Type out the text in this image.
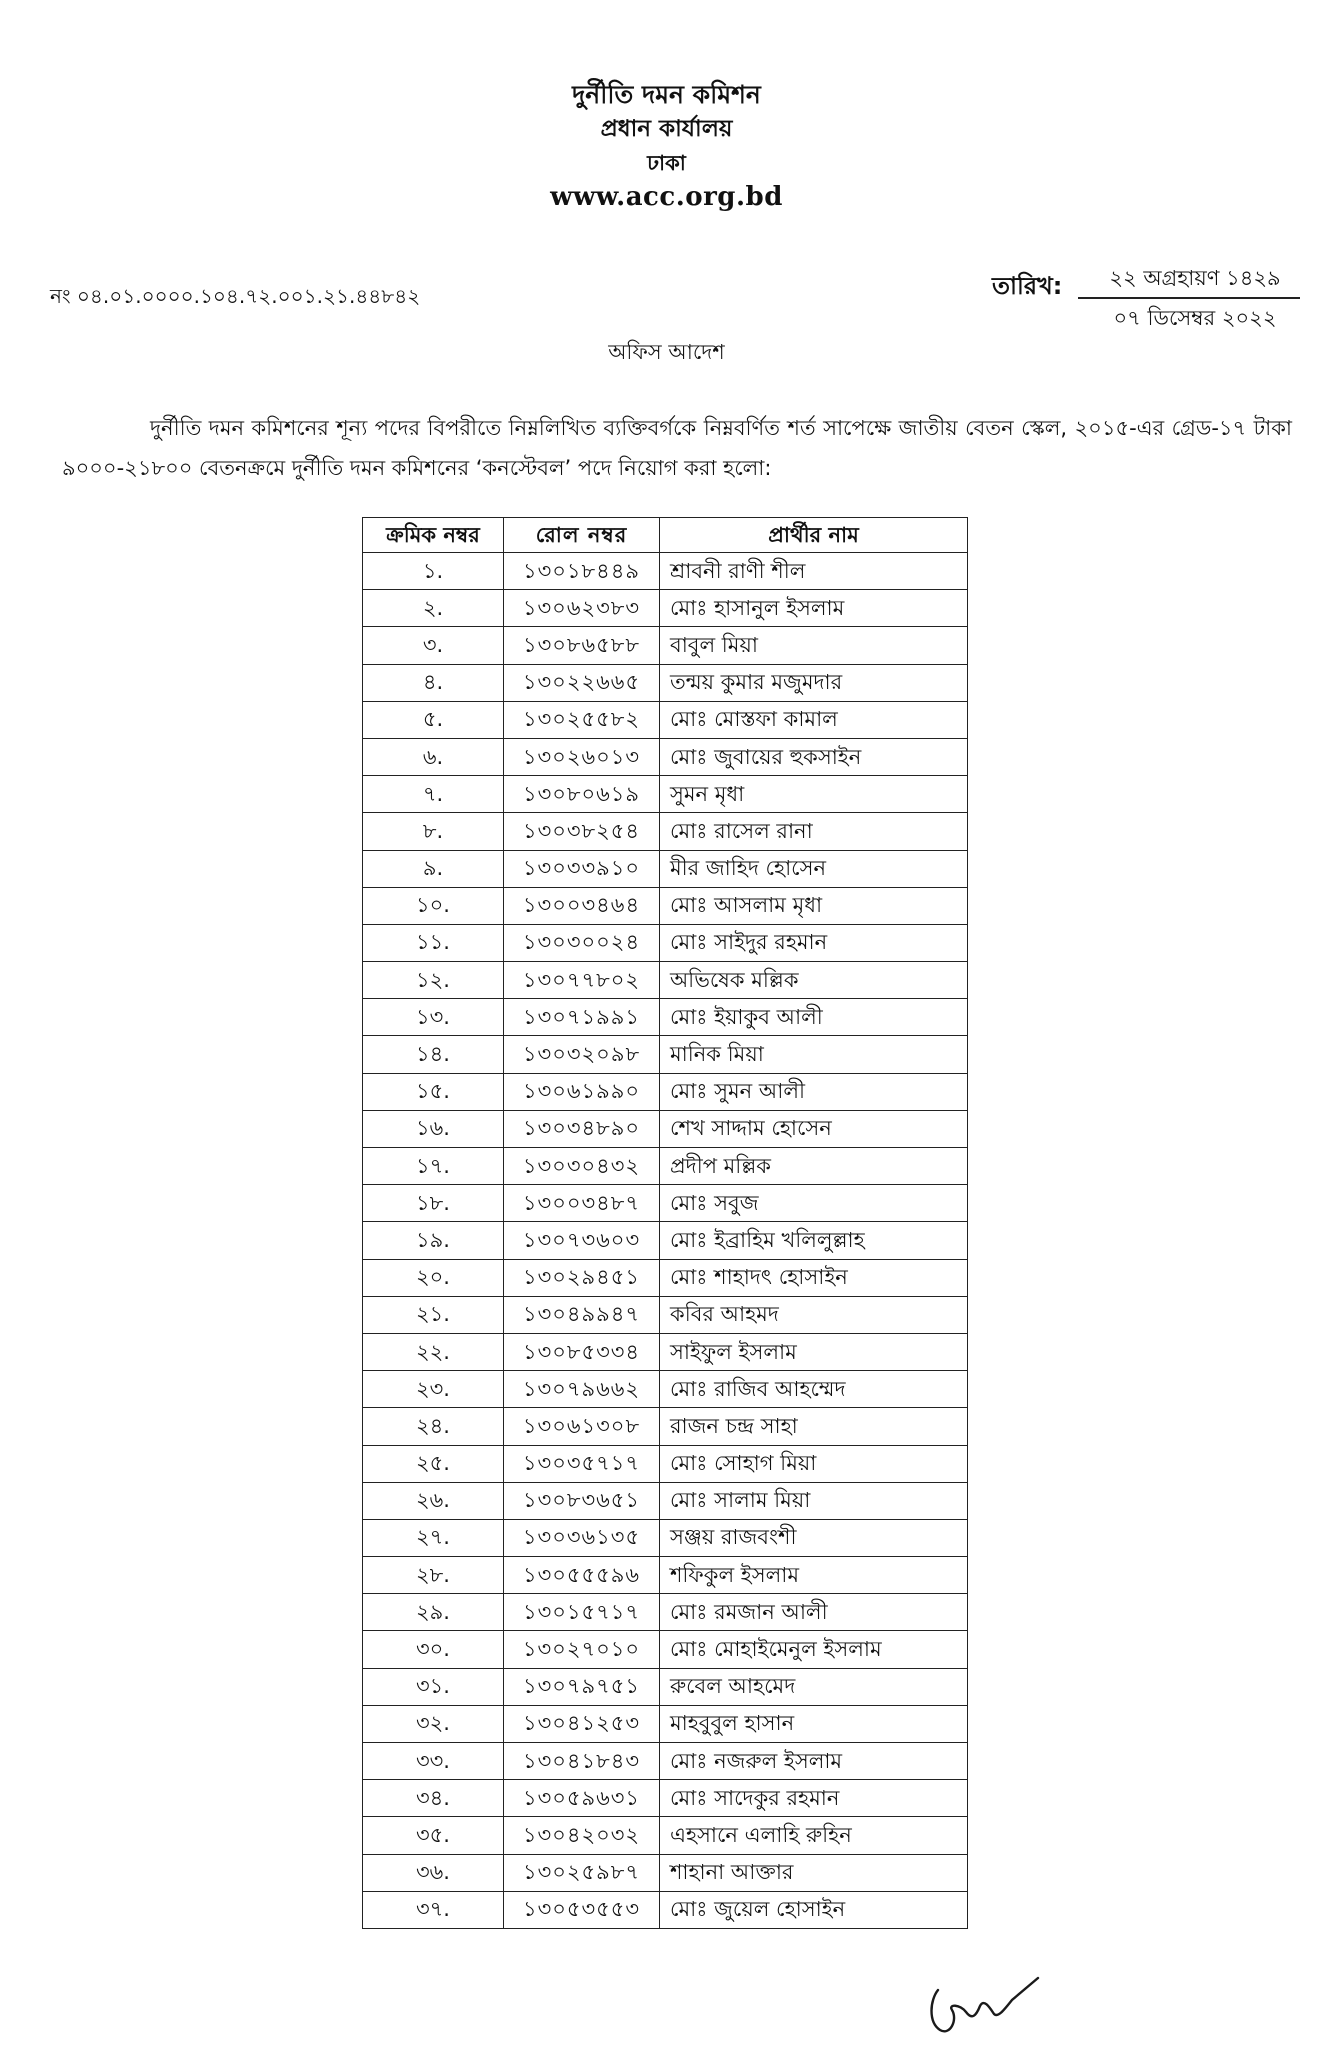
দুর্নীতি দমন কমিশন
প্রধান কার্যালয়
ঢাকা
www.acc.org.bd
নং ০৪.০১.০০০০.১০৪.৭২.০০১.২১.৪৪৮৪২	তারিখ:	২২ অগ্রহায়ণ ১৪২৯
০৭ ডিসেম্বর ২০২২
অফিস আদেশ
দুর্নীতি দমন কমিশনের শূন্য পদের বিপরীতে নিম্নলিখিত ব্যক্তিবর্গকে নিম্নবর্ণিত শর্ত সাপেক্ষে জাতীয় বেতন স্কেল, ২০১৫-এর গ্রেড-১৭ টাকা ৯০০০-২১৮০০ বেতনক্রমে দুর্নীতি দমন কমিশনের ‘কনস্টেবল’ পদে নিয়োগ করা হলো:
ক্রমিক নম্বর	রোল নম্বর	প্রার্থীর নাম
১.	১৩০১৮৪৪৯	শ্রাবনী রাণী শীল
২.	১৩০৬২৩৮৩	মোঃ হাসানুল ইসলাম
৩.	১৩০৮৬৫৮৮	বাবুল মিয়া
৪.	১৩০২২৬৬৫	তন্ময় কুমার মজুমদার
৫.	১৩০২৫৫৮২	মোঃ মোস্তফা কামাল
৬.	১৩০২৬০১৩	মোঃ জুবায়ের হুকসাইন
৭.	১৩০৮০৬১৯	সুমন মৃধা
৮.	১৩০৩৮২৫৪	মোঃ রাসেল রানা
৯.	১৩০৩৩৯১০	মীর জাহিদ হোসেন
১০.	১৩০০৩৪৬৪	মোঃ আসলাম মৃধা
১১.	১৩০৩০০২৪	মোঃ সাইদুর রহমান
১২.	১৩০৭৭৮০২	অভিষেক মল্লিক
১৩.	১৩০৭১৯৯১	মোঃ ইয়াকুব আলী
১৪.	১৩০৩২০৯৮	মানিক মিয়া
১৫.	১৩০৬১৯৯০	মোঃ সুমন আলী
১৬.	১৩০৩৪৮৯০	শেখ সাদ্দাম হোসেন
১৭.	১৩০৩০৪৩২	প্রদীপ মল্লিক
১৮.	১৩০০৩৪৮৭	মোঃ সবুজ
১৯.	১৩০৭৩৬০৩	মোঃ ইব্রাহিম খলিলুল্লাহ
২০.	১৩০২৯৪৫১	মোঃ শাহাদৎ হোসাইন
২১.	১৩০৪৯৯৪৭	কবির আহমদ
২২.	১৩০৮৫৩৩৪	সাইফুল ইসলাম
২৩.	১৩০৭৯৬৬২	মোঃ রাজিব আহম্মেদ
২৪.	১৩০৬১৩০৮	রাজন চন্দ্র সাহা
২৫.	১৩০৩৫৭১৭	মোঃ সোহাগ মিয়া
২৬.	১৩০৮৩৬৫১	মোঃ সালাম মিয়া
২৭.	১৩০৩৬১৩৫	সঞ্জয় রাজবংশী
২৮.	১৩০৫৫৫৯৬	শফিকুল ইসলাম
২৯.	১৩০১৫৭১৭	মোঃ রমজান আলী
৩০.	১৩০২৭০১০	মোঃ মোহাইমেনুল ইসলাম
৩১.	১৩০৭৯৭৫১	রুবেল আহমেদ
৩২.	১৩০৪১২৫৩	মাহবুবুল হাসান
৩৩.	১৩০৪১৮৪৩	মোঃ নজরুল ইসলাম
৩৪.	১৩০৫৯৬৩১	মোঃ সাদেকুর রহমান
৩৫.	১৩০৪২০৩২	এহসানে এলাহি রুহিন
৩৬.	১৩০২৫৯৮৭	শাহানা আক্তার
৩৭.	১৩০৫৩৫৫৩	মোঃ জুয়েল হোসাইন
